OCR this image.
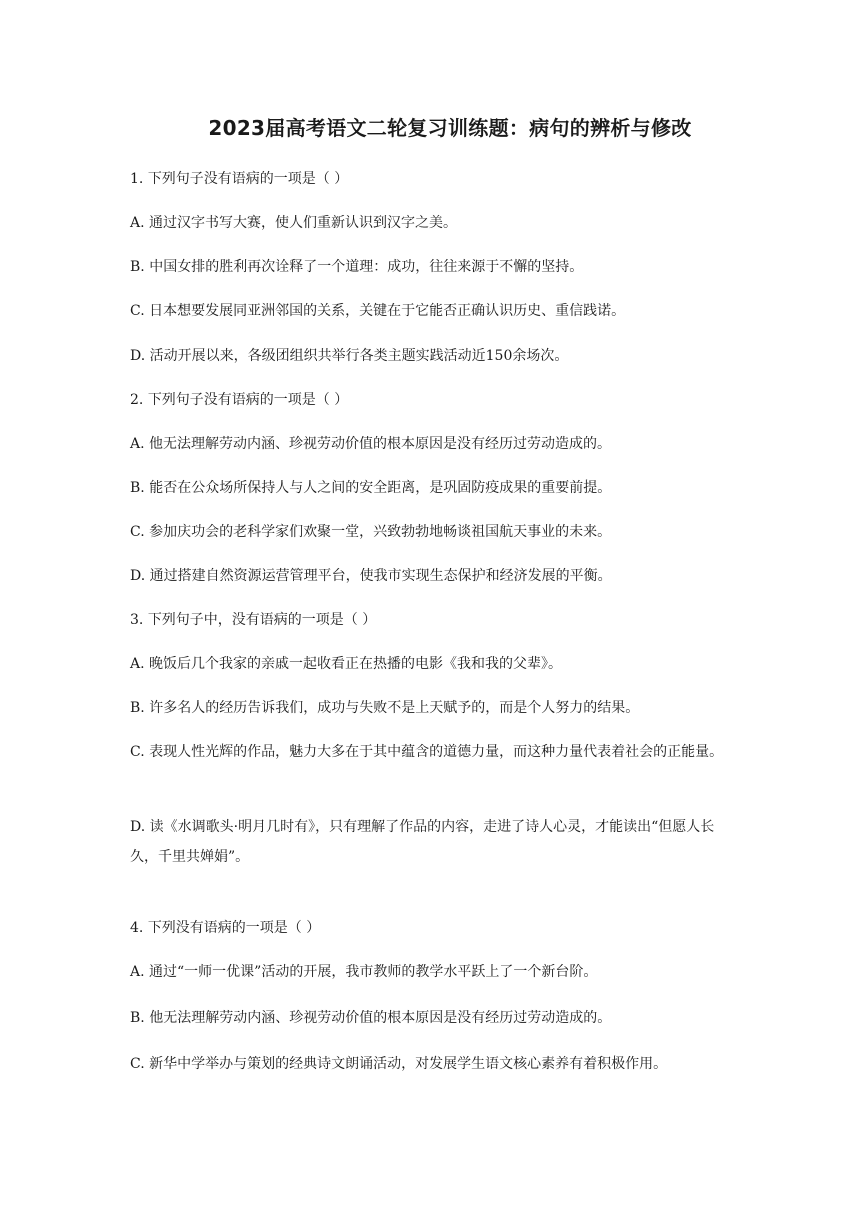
2023届高考语文二轮复习训练题：病句的辨析与修改
1. 下列句子没有语病的一项是（ ）
A. 通过汉字书写大赛，使人们重新认识到汉字之美。
B. 中国女排的胜利再次诠释了一个道理：成功，往往来源于不懈的坚持。
C. 日本想要发展同亚洲邻国的关系，关键在于它能否正确认识历史、重信践诺。
D. 活动开展以来，各级团组织共举行各类主题实践活动近150余场次。
2. 下列句子没有语病的一项是（ ）
A. 他无法理解劳动内涵、珍视劳动价值的根本原因是没有经历过劳动造成的。
B. 能否在公众场所保持人与人之间的安全距离，是巩固防疫成果的重要前提。
C. 参加庆功会的老科学家们欢聚一堂，兴致勃勃地畅谈祖国航天事业的未来。
D. 通过搭建自然资源运营管理平台，使我市实现生态保护和经济发展的平衡。
3. 下列句子中，没有语病的一项是（ ）
A. 晚饭后几个我家的亲戚一起收看正在热播的电影《我和我的父辈》。
B. 许多名人的经历告诉我们，成功与失败不是上天赋予的，而是个人努力的结果。
C. 表现人性光辉的作品，魅力大多在于其中蕴含的道德力量，而这种力量代表着社会的正能量。
D. 读《水调歌头·明月几时有》，只有理解了作品的内容，走进了诗人心灵，才能读出“但愿人长久，千里共婵娟”。
4. 下列没有语病的一项是（ ）
A. 通过“一师一优课”活动的开展，我市教师的教学水平跃上了一个新台阶。
B. 他无法理解劳动内涵、珍视劳动价值的根本原因是没有经历过劳动造成的。
C. 新华中学举办与策划的经典诗文朗诵活动，对发展学生语文核心素养有着积极作用。
